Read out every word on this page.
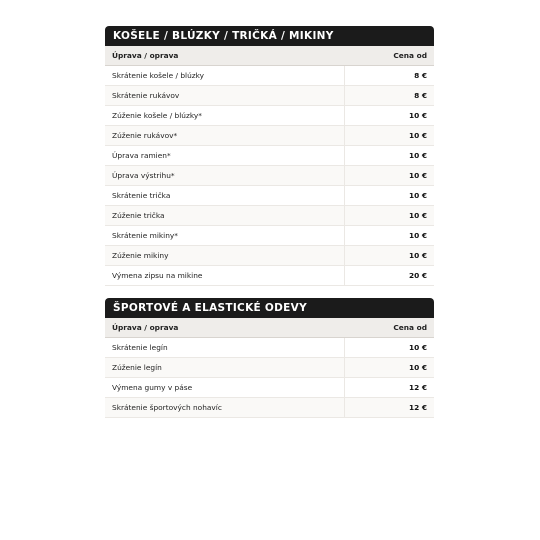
KOŠELE / BLÚZKY / TRIČKÁ / MIKINY
Úprava / oprava	Cena od
Skrátenie košele / blúzky	8 €
Skrátenie rukávov	8 €
Zúženie košele / blúzky*	10 €
Zúženie rukávov*	10 €
Úprava ramien*	10 €
Úprava výstrihu*	10 €
Skrátenie trička	10 €
Zúženie trička	10 €
Skrátenie mikiny*	10 €
Zúženie mikiny	10 €
Výmena zipsu na mikine	20 €
ŠPORTOVÉ A ELASTICKÉ ODEVY
Úprava / oprava	Cena od
Skrátenie legín	10 €
Zúženie legín	10 €
Výmena gumy v páse	12 €
Skrátenie športových nohavíc	12 €
